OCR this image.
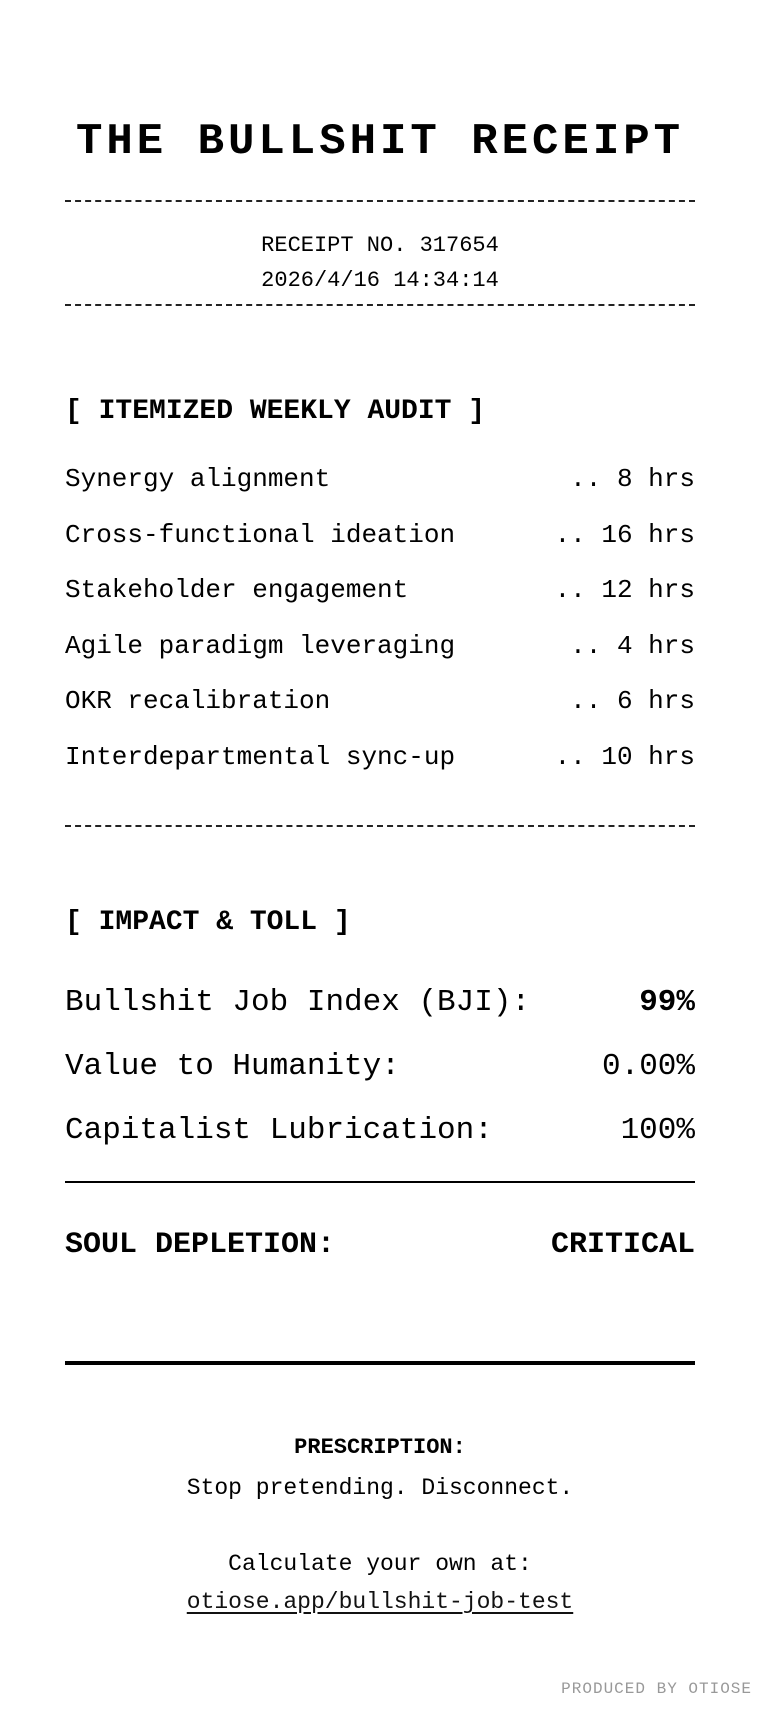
THE BULLSHIT RECEIPT
RECEIPT NO. 317654
2026/4/16 14:34:14
[ ITEMIZED WEEKLY AUDIT ]
Synergy alignment	.. 8 hrs
Cross-functional ideation	.. 16 hrs
Stakeholder engagement	.. 12 hrs
Agile paradigm leveraging	.. 4 hrs
OKR recalibration	.. 6 hrs
Interdepartmental sync-up	.. 10 hrs
[ IMPACT & TOLL ]
Bullshit Job Index (BJI):	99%
Value to Humanity:	0.00%
Capitalist Lubrication:	100%
SOUL DEPLETION:	CRITICAL
PRESCRIPTION:
Stop pretending. Disconnect.
Calculate your own at:
otiose.app/bullshit-job-test
PRODUCED BY OTIOSE
